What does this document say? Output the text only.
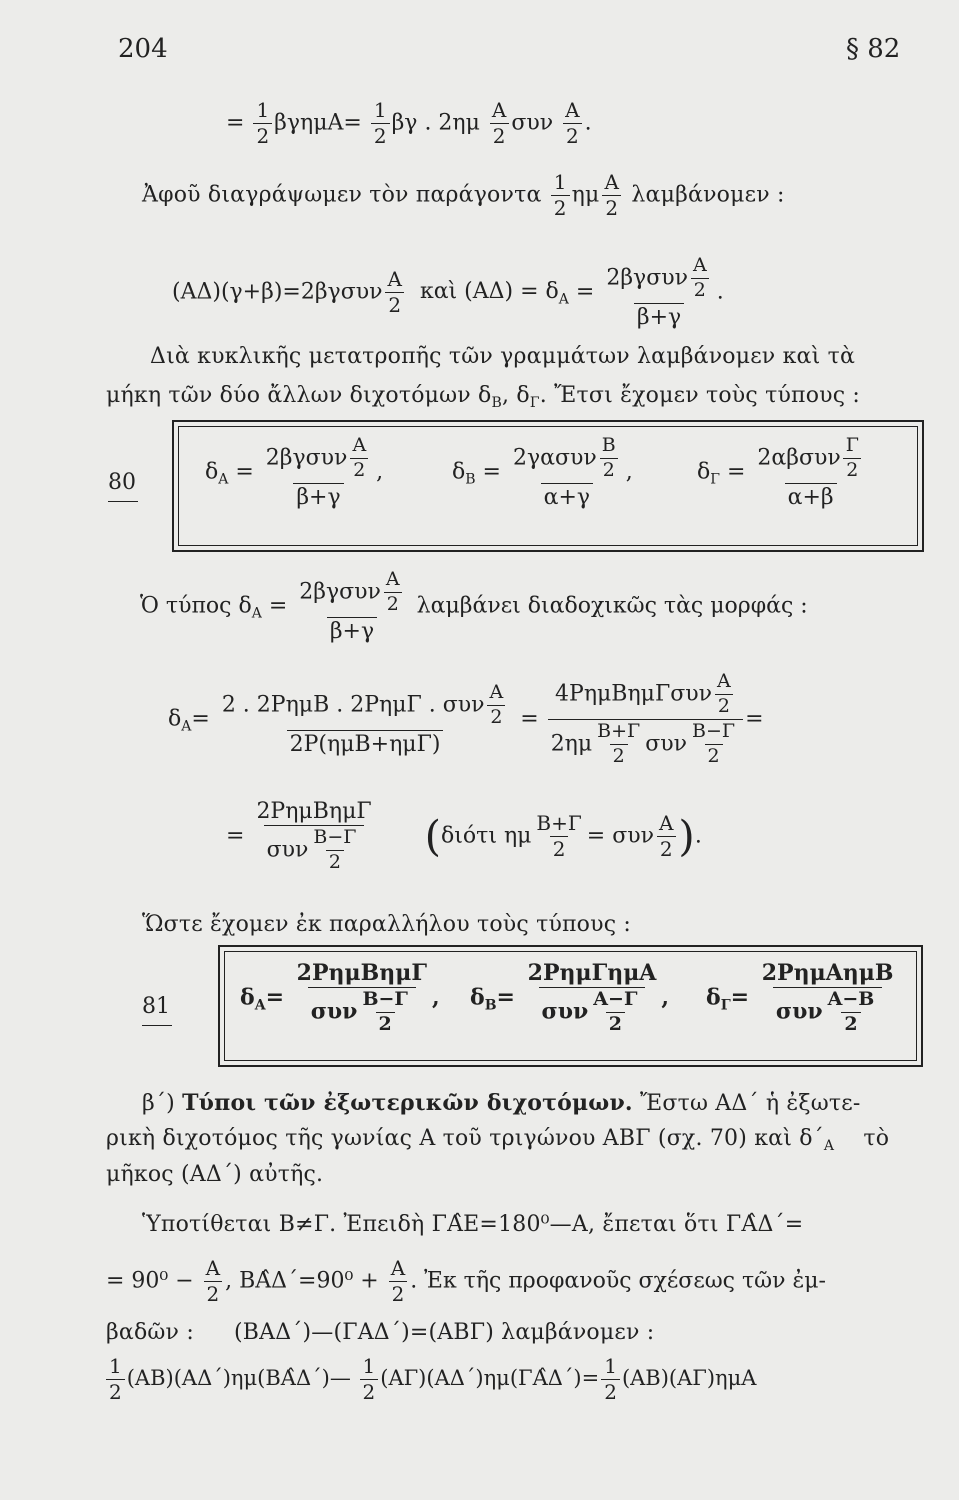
204	§ 82
= $\frac{1}{2} \beta\gamma\eta\mu A= \frac{1}{2}$ βγ . $2\eta\mu \frac{A}{2}$ συν $\frac{A}{2}$ .
Ἀφοῦ διαγράψωμεν τὸν παράγοντα $\frac{1}{2}$ ημ $\frac{A}{2}$ λαμβάνομεν :
$(A\Delta)(\gamma+\beta)=2\beta\gamma\sigma\upsilon\nu \frac{A}{2}$ καὶ $(A\Delta) = \delta_A = \frac{2\beta\gamma\sigma\upsilon\nu \frac{A}{2}}{\beta+\gamma}$ .
Διὰ κυκλικῆς μετατροπῆς τῶν γραμμάτων λαμβάνομεν καὶ τὰ
μήκη τῶν δύο ἄλλων διχοτόμων $\delta_B$, $\delta_\Gamma$. Ἔτσι ἔχομεν τοὺς τύπους :
80	$\delta_A = \frac{2\beta\gamma\sigma\upsilon\nu \frac{A}{2}}{\beta+\gamma}$ ,	$\delta_B = \frac{2\gamma\alpha\sigma\upsilon\nu \frac{B}{2}}{\alpha+\gamma}$ ,	$\delta_\Gamma = \frac{2\alpha\beta\sigma\upsilon\nu \frac{\Gamma}{2}}{\alpha+\beta}$
Ὁ τύπος $\delta_A = \frac{2\beta\gamma\sigma\upsilon\nu \frac{A}{2}}{\beta+\gamma}$ λαμβάνει διαδοχικῶς τὰς μορφάς :
$\delta_A= \frac{2 . 2P\eta\mu B . 2P\eta\mu\Gamma . \sigma\upsilon\nu \frac{A}{2}}{\text{2Ρ(ημΒ+ημΓ)}} = \frac{4P\eta\mu B\eta\mu\Gamma\sigma\upsilon\nu \frac{A}{2}}{2\eta\mu \frac{B+\Gamma}{2} \sigma\upsilon\nu \frac{B-\Gamma}{2}}$ =
= $\frac{\text{2ΡημΒημΓ}}{\sigma\upsilon\nu \frac{B-\Gamma}{2}} (\delta\iota ό\tau\iota$ ημ $\frac{B+\Gamma}{2} = \sigma\upsilon\nu \frac{A}{2}$ ).
Ὥστε ἔχομεν ἐκ παραλλήλου τοὺς τύπους :
81	$\delta_A= \frac{\text{2ΡημΒημΓ}}{\sigma\upsilon\nu \frac{B-\Gamma}{2}}$ , $\delta_B= \frac{\text{2ΡημΓημΑ}}{\sigma\upsilon\nu \frac{A-\Gamma}{2}}$ , $\delta_\Gamma= \frac{\text{2ΡημΑημΒ}}{\sigma\upsilon\nu \frac{A-B}{2}}$
β΄) Τύποι τῶν ἐξωτερικῶν διχοτόμων. Ἔστω ΑΔ΄ ἡ ἐξωτε-
ρικὴ διχοτόμος τῆς γωνίας Α τοῦ τριγώνου ΑΒΓ (σχ. 70) καὶ $\delta΄_A$ τὸ
μῆκος (ΑΔ΄) αὐτῆς.
Ὑποτίθεται Β≠Γ. Ἐπειδὴ ΓΑ̂Ε=180⁰—Α, ἔπεται ὅτι ΓΑ̂Δ΄=
= $90^0 - \frac{A}{2}$ , ΒΑ̂Δ΄=90⁰ + $\frac{A}{2}$ . Ἐκ τῆς προφανοῦς σχέσεως τῶν ἐμ-
βαδῶν : (ΒΑΔ΄)—(ΓΑΔ΄)=(ΑΒΓ) λαμβάνομεν :
$\frac{1}{2}$ (ΑΒ)(ΑΔ΄)ημ(ΒΑ̂Δ΄)— $\frac{1}{2}$ (ΑΓ)(ΑΔ΄)ημ(ΓΑ̂Δ΄)= $\frac{1}{2} (AB)(A\Gamma)\eta\mu A$
